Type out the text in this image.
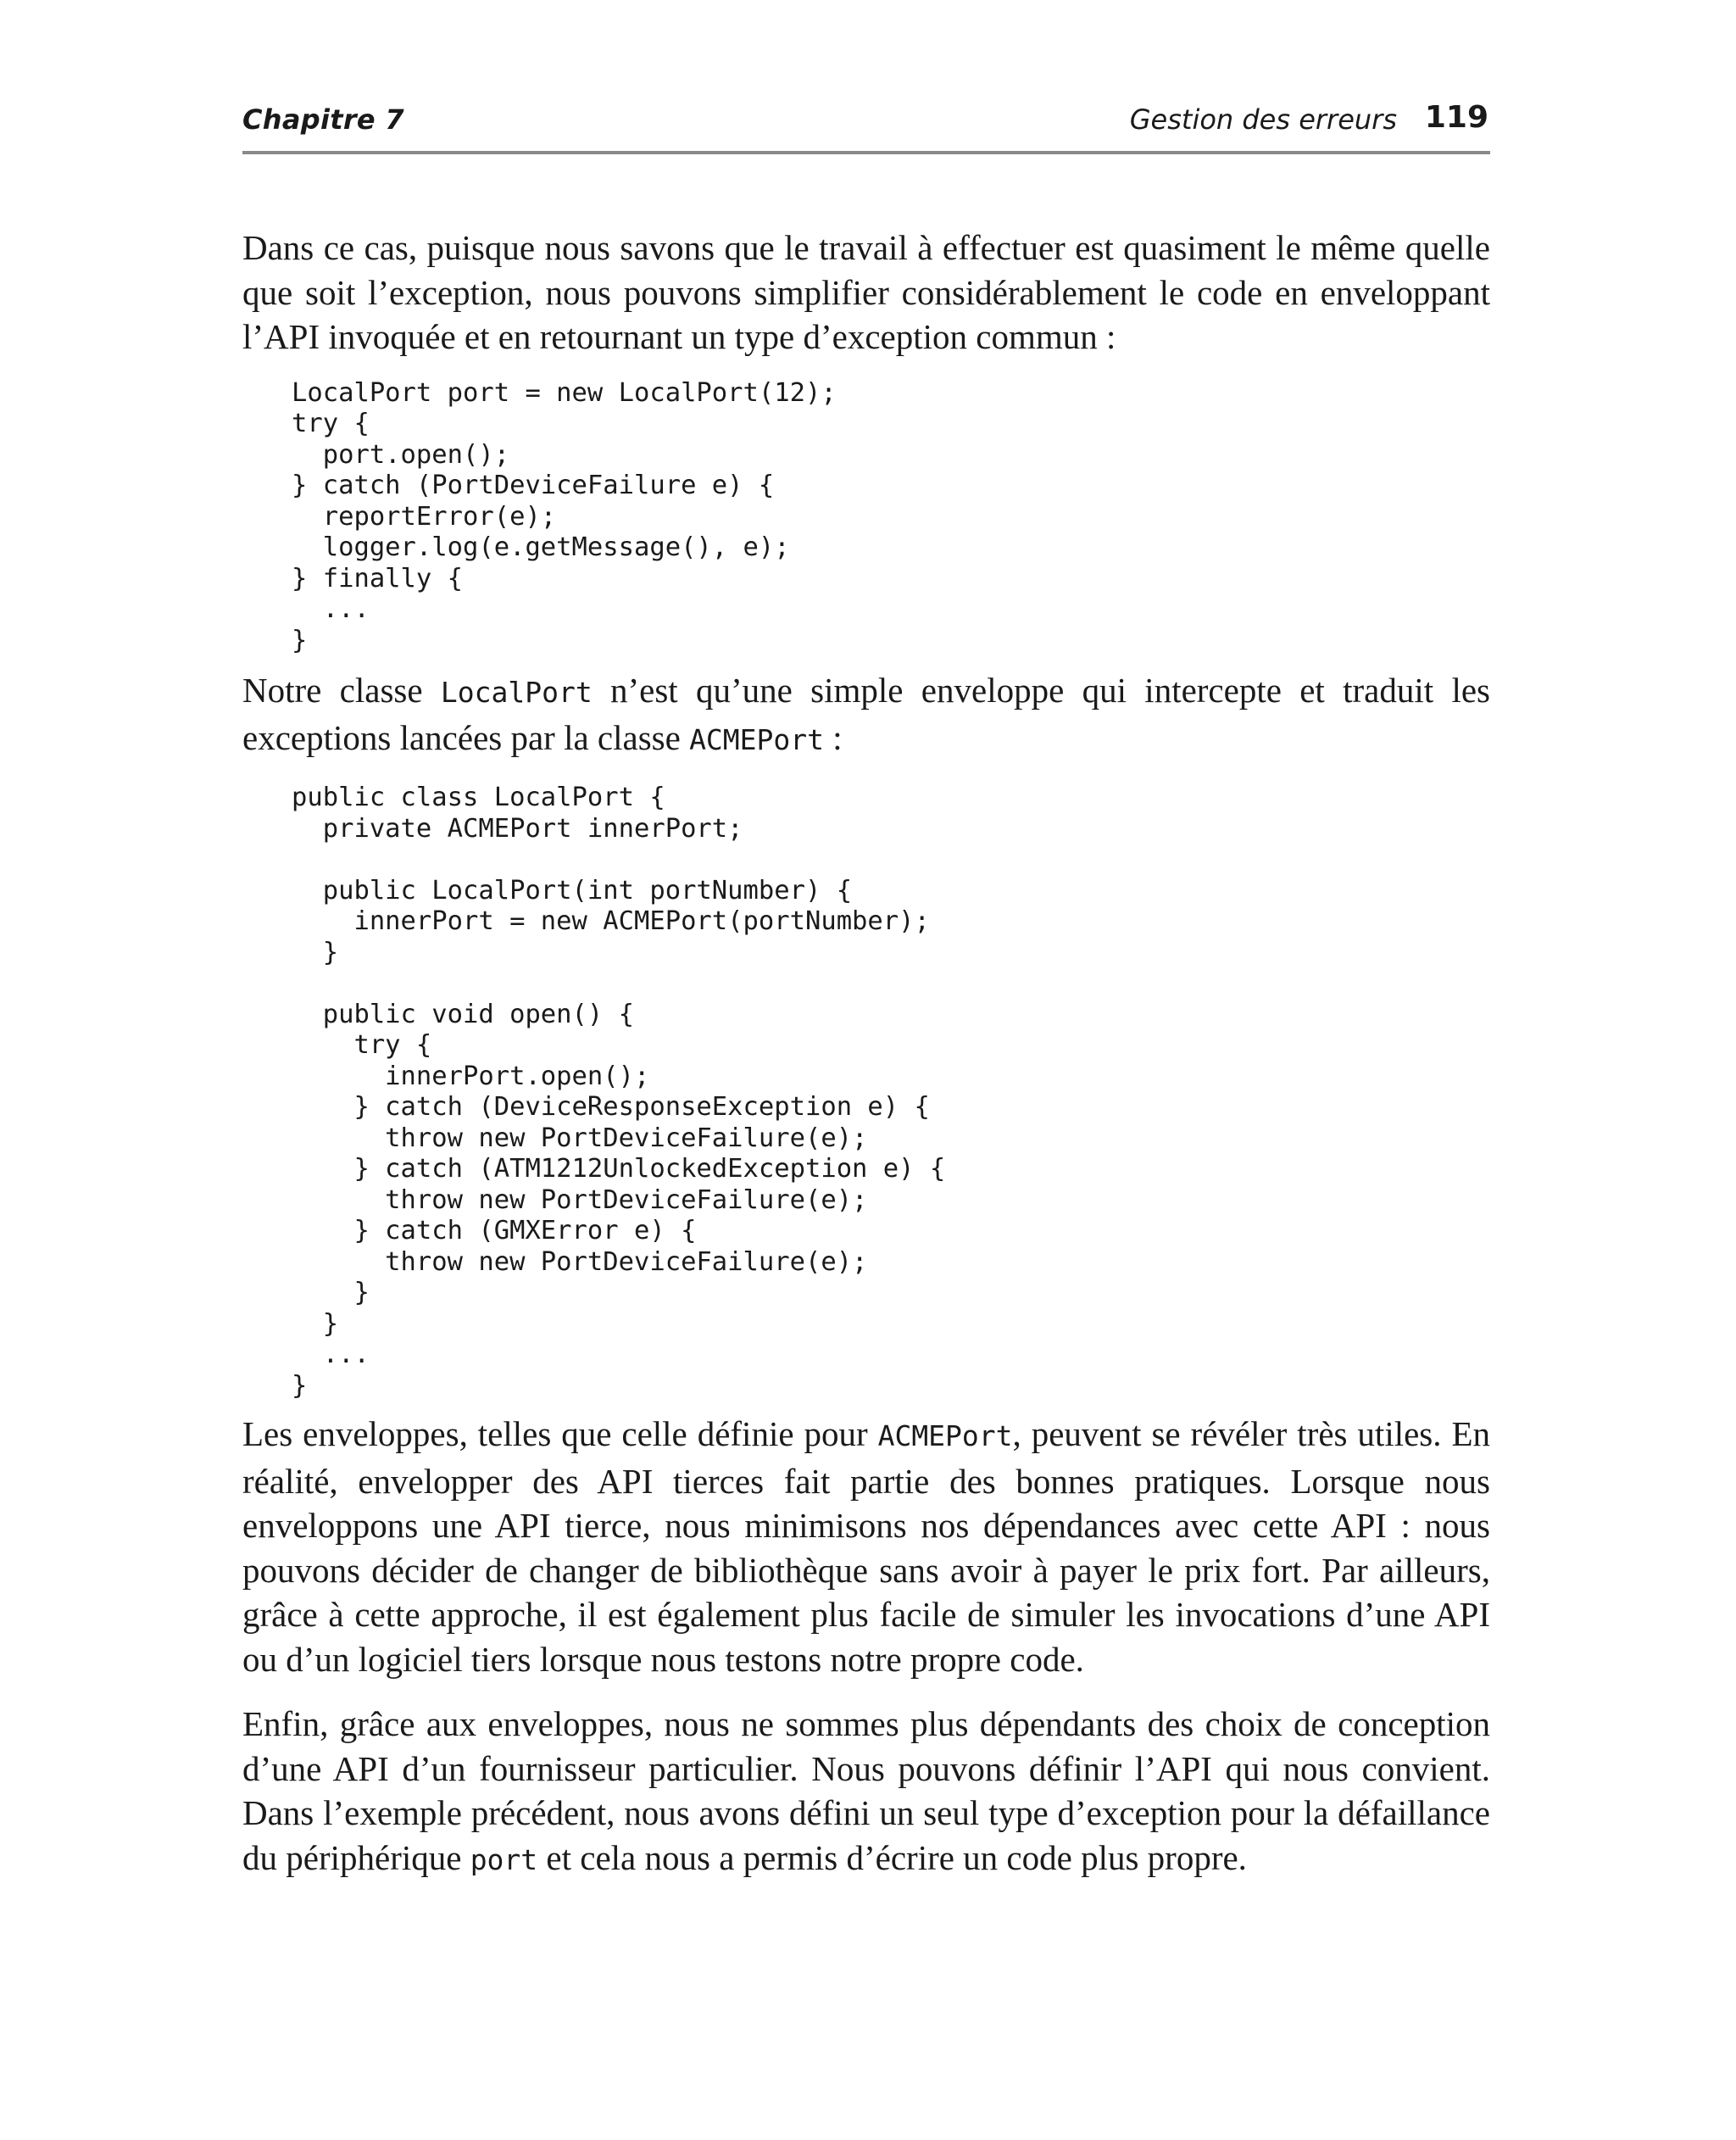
Chapitre 7	Gestion des erreurs 119

Dans ce cas, puisque nous savons que le travail à effectuer est quasiment le même quelle que soit l’exception, nous pouvons simplifier considérablement le code en enveloppant l’API invoquée et en retournant un type d’exception commun :

LocalPort port = new LocalPort(12);
try {
port.open();
} catch (PortDeviceFailure e) {
reportError(e);
logger.log(e.getMessage(), e);
} finally {
...
}

Notre classe LocalPort n’est qu’une simple enveloppe qui intercepte et traduit les exceptions lancées par la classe ACMEPort :

public class LocalPort {
private ACMEPort innerPort;

public LocalPort(int portNumber) {
innerPort = new ACMEPort(portNumber);
}

public void open() {
try {
innerPort.open();
} catch (DeviceResponseException e) {
throw new PortDeviceFailure(e);
} catch (ATM1212UnlockedException e) {
throw new PortDeviceFailure(e);
} catch (GMXError e) {
throw new PortDeviceFailure(e);
}
}
...
}

Les enveloppes, telles que celle définie pour ACMEPort, peuvent se révéler très utiles. En réalité, envelopper des API tierces fait partie des bonnes pratiques. Lorsque nous enveloppons une API tierce, nous minimisons nos dépendances avec cette API : nous pouvons décider de changer de bibliothèque sans avoir à payer le prix fort. Par ailleurs, grâce à cette approche, il est également plus facile de simuler les invocations d’une API ou d’un logiciel tiers lorsque nous testons notre propre code.

Enfin, grâce aux enveloppes, nous ne sommes plus dépendants des choix de conception d’une API d’un fournisseur particulier. Nous pouvons définir l’API qui nous convient. Dans l’exemple précédent, nous avons défini un seul type d’exception pour la défaillance du périphérique port et cela nous a permis d’écrire un code plus propre.
